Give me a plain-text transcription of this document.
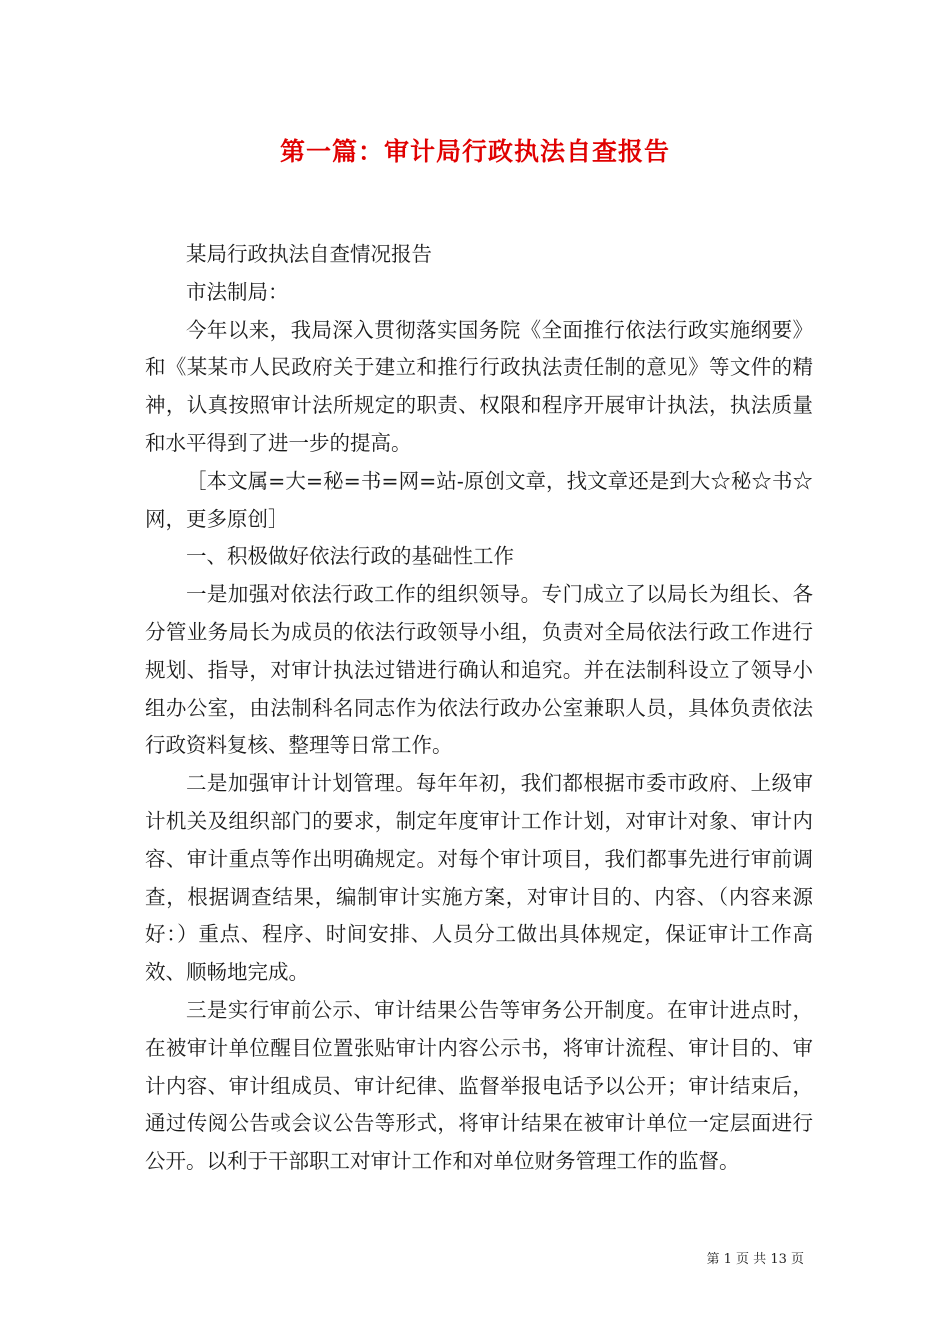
第一篇：审计局行政执法自查报告

某局行政执法自查情况报告

市法制局：

今年以来，我局深入贯彻落实国务院《全面推行依法行政实施纲要》和《某某市人民政府关于建立和推行行政执法责任制的意见》等文件的精神，认真按照审计法所规定的职责、权限和程序开展审计执法，执法质量和水平得到了进一步的提高。

［本文属=大=秘=书=网=站-原创文章，找文章还是到大☆秘☆书☆网，更多原创］

一、积极做好依法行政的基础性工作

一是加强对依法行政工作的组织领导。专门成立了以局长为组长、各分管业务局长为成员的依法行政领导小组，负责对全局依法行政工作进行规划、指导，对审计执法过错进行确认和追究。并在法制科设立了领导小组办公室，由法制科名同志作为依法行政办公室兼职人员，具体负责依法行政资料复核、整理等日常工作。

二是加强审计计划管理。每年年初，我们都根据市委市政府、上级审计机关及组织部门的要求，制定年度审计工作计划，对审计对象、审计内容、审计重点等作出明确规定。对每个审计项目，我们都事先进行审前调查，根据调查结果，编制审计实施方案，对审计目的、内容、（内容来源好：）重点、程序、时间安排、人员分工做出具体规定，保证审计工作高效、顺畅地完成。

三是实行审前公示、审计结果公告等审务公开制度。在审计进点时，在被审计单位醒目位置张贴审计内容公示书，将审计流程、审计目的、审计内容、审计组成员、审计纪律、监督举报电话予以公开；审计结束后，通过传阅公告或会议公告等形式，将审计结果在被审计单位一定层面进行公开。以利于干部职工对审计工作和对单位财务管理工作的监督。

第 1 页 共 13 页
